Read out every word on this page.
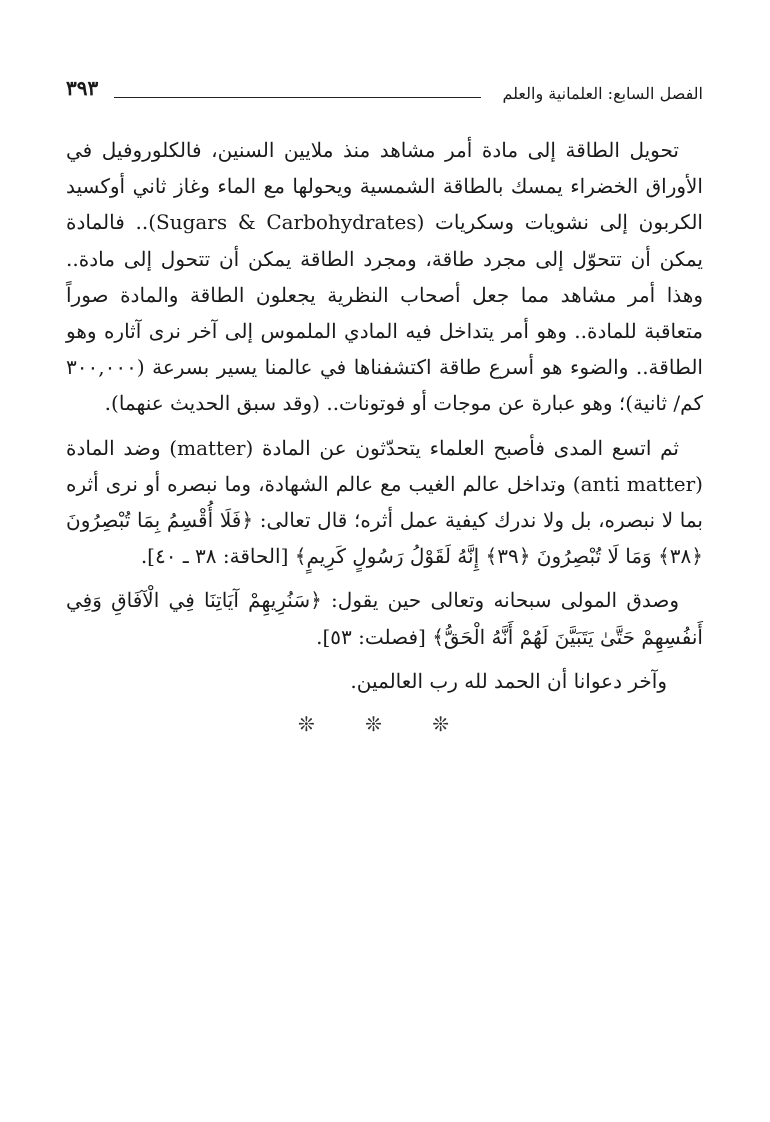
الفصل السابع: العلمانية والعلم
٣٩٣

تحويل الطاقة إلى مادة أمر مشاهد منذ ملايين السنين، فالكلوروفيل في الأوراق الخضراء يمسك بالطاقة الشمسية ويحولها مع الماء وغاز ثاني أوكسيد الكربون إلى نشويات وسكريات (Sugars & Carbohydrates).. فالمادة يمكن أن تتحوّل إلى مجرد طاقة، ومجرد الطاقة يمكن أن تتحول إلى مادة.. وهذا أمر مشاهد مما جعل أصحاب النظرية يجعلون الطاقة والمادة صوراً متعاقبة للمادة.. وهو أمر يتداخل فيه المادي الملموس إلى آخر نرى آثاره وهو الطاقة.. والضوء هو أسرع طاقة اكتشفناها في عالمنا يسير بسرعة (٣٠٠,٠٠٠ كم/ ثانية)؛ وهو عبارة عن موجات أو فوتونات.. (وقد سبق الحديث عنهما).

ثم اتسع المدى فأصبح العلماء يتحدّثون عن المادة (matter) وضد المادة (anti matter) وتداخل عالم الغيب مع عالم الشهادة، وما نبصره أو نرى أثره بما لا نبصره، بل ولا ندرك كيفية عمل أثره؛ قال تعالى: ﴿فَلَا أُقْسِمُ بِمَا تُبْصِرُونَ ﴿٣٨﴾ وَمَا لَا تُبْصِرُونَ ﴿٣٩﴾ إِنَّهُ لَقَوْلُ رَسُولٍ كَرِيمٍ﴾ [الحاقة: ٣٨ ـ ٤٠].

وصدق المولى سبحانه وتعالى حين يقول: ﴿سَنُرِيهِمْ آيَاتِنَا فِي الْآفَاقِ وَفِي أَنفُسِهِمْ حَتَّىٰ يَتَبَيَّنَ لَهُمْ أَنَّهُ الْحَقُّ﴾ [فصلت: ٥٣].

وآخر دعوانا أن الحمد لله رب العالمين.

❊ ❊ ❊
